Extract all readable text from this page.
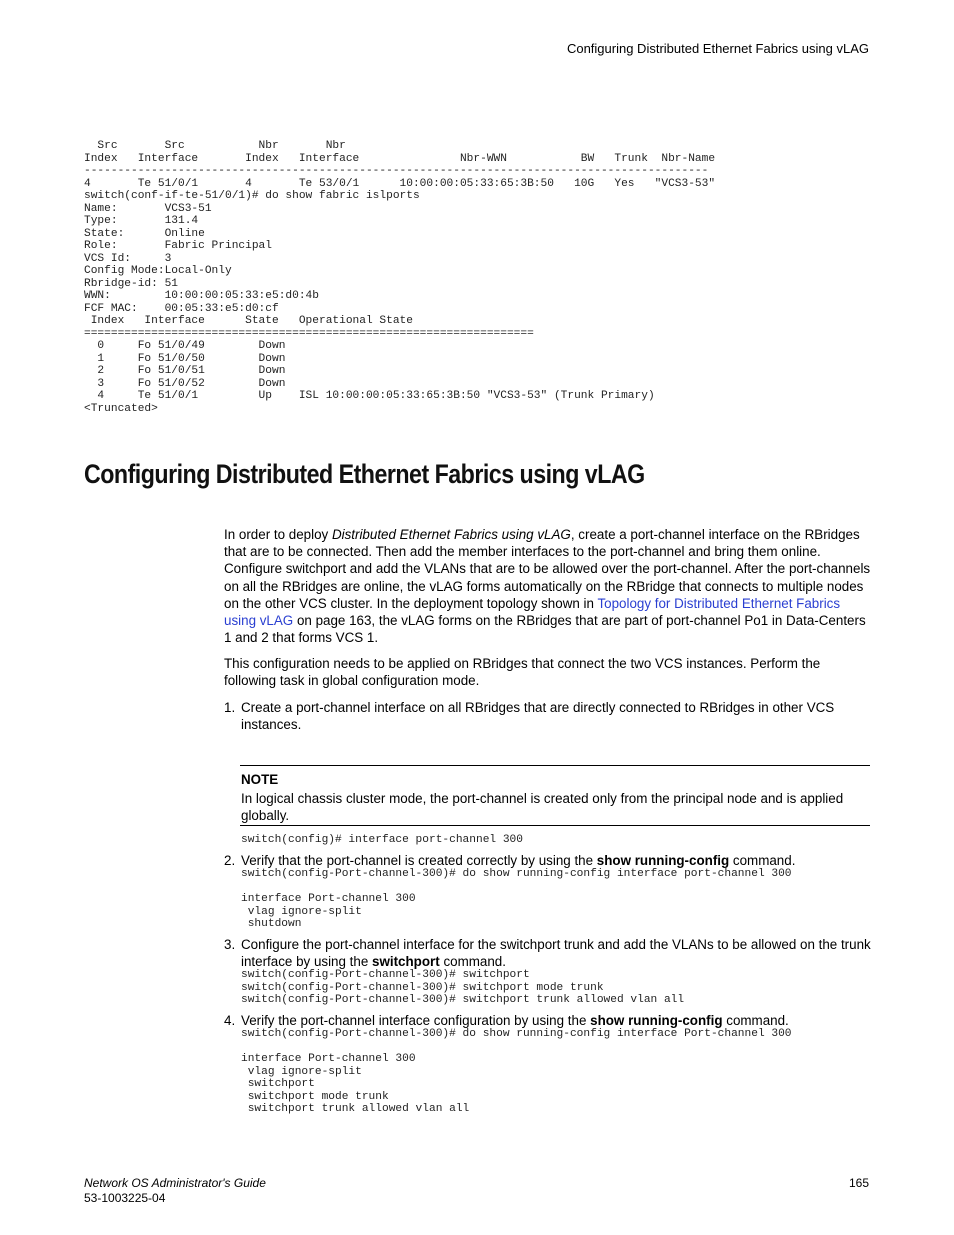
Configuring Distributed Ethernet Fabrics using vLAG
Src       Src           Nbr       Nbr
Index   Interface       Index   Interface               Nbr-WWN           BW   Trunk  Nbr-Name
---------------------------------------------------------------------------------------------
4       Te 51/0/1       4       Te 53/0/1      10:00:00:05:33:65:3B:50   10G   Yes   "VCS3-53"
switch(conf-if-te-51/0/1)# do show fabric islports
Name:       VCS3-51
Type:       131.4
State:      Online
Role:       Fabric Principal
VCS Id:     3
Config Mode:Local-Only
Rbridge-id: 51
WWN:        10:00:00:05:33:e5:d0:4b
FCF MAC:    00:05:33:e5:d0:cf
Index   Interface      State   Operational State
===================================================================
0     Fo 51/0/49        Down
1     Fo 51/0/50        Down
2     Fo 51/0/51        Down
3     Fo 51/0/52        Down
4     Te 51/0/1         Up    ISL 10:00:00:05:33:65:3B:50 "VCS3-53" (Trunk Primary)
<Truncated>
Configuring Distributed Ethernet Fabrics using vLAG

In order to deploy Distributed Ethernet Fabrics using vLAG, create a port-channel interface on the RBridges that are to be connected. Then add the member interfaces to the port-channel and bring them online. Configure switchport and add the VLANs that are to be allowed over the port-channel. After the port-channels on all the RBridges are online, the vLAG forms automatically on the RBridge that connects to multiple nodes on the other VCS cluster. In the deployment topology shown in Topology for Distributed Ethernet Fabrics using vLAG on page 163, the vLAG forms on the RBridges that are part of port-channel Po1 in Data-Centers 1 and 2 that forms VCS 1.

This configuration needs to be applied on RBridges that connect the two VCS instances. Perform the following task in global configuration mode.

1. Create a port-channel interface on all RBridges that are directly connected to RBridges in other VCS instances.
NOTE
In logical chassis cluster mode, the port-channel is created only from the principal node and is applied globally.
switch(config)# interface port-channel 300
2. Verify that the port-channel is created correctly by using the show running-config command.
switch(config-Port-channel-300)# do show running-config interface port-channel 300

interface Port-channel 300
vlag ignore-split
shutdown
3. Configure the port-channel interface for the switchport trunk and add the VLANs to be allowed on the trunk interface by using the switchport command.
switch(config-Port-channel-300)# switchport
switch(config-Port-channel-300)# switchport mode trunk
switch(config-Port-channel-300)# switchport trunk allowed vlan all
4. Verify the port-channel interface configuration by using the show running-config command.
switch(config-Port-channel-300)# do show running-config interface Port-channel 300

interface Port-channel 300
vlag ignore-split
switchport
switchport mode trunk
switchport trunk allowed vlan all
Network OS Administrator's Guide
53-1003225-04
165
